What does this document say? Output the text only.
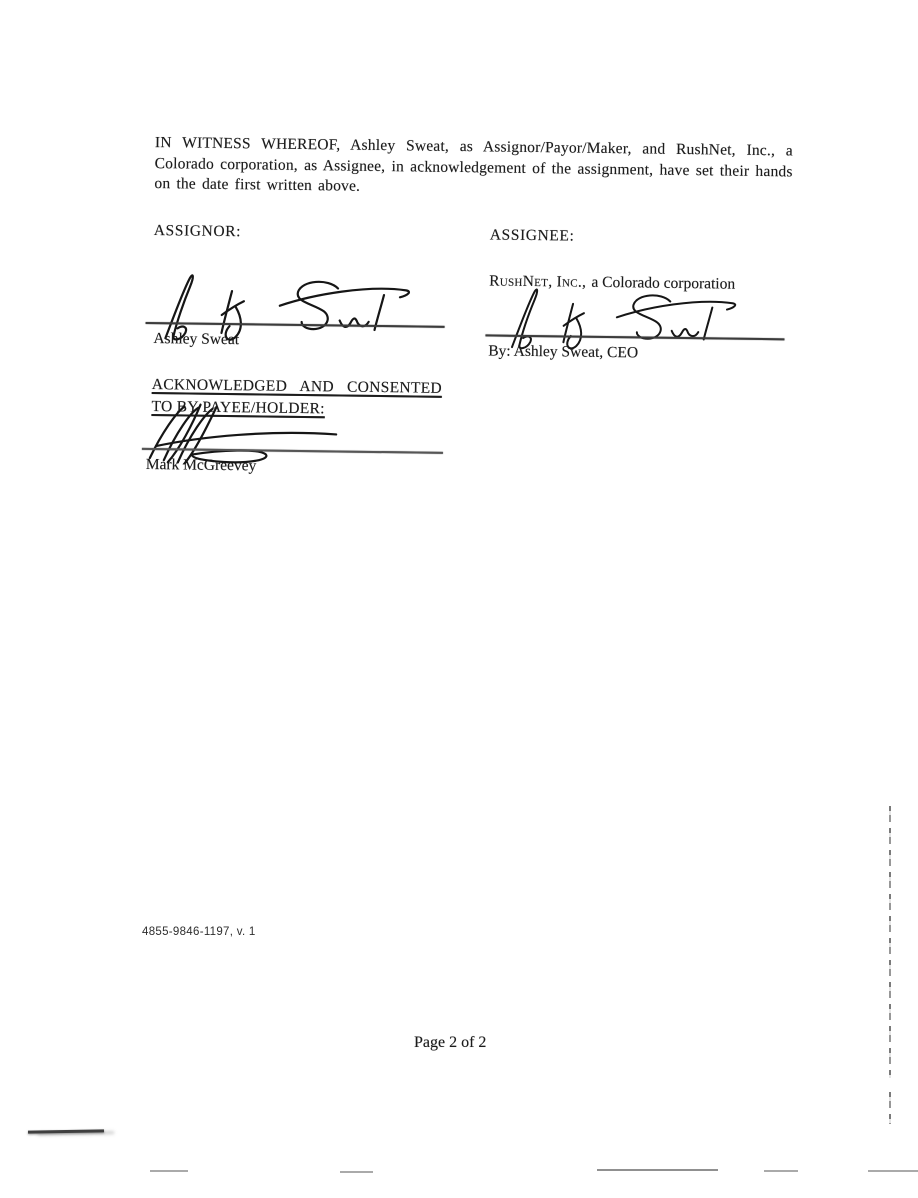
IN WITNESS WHEREOF, Ashley Sweat, as Assignor/Payor/Maker, and RushNet, Inc., a Colorado corporation, as Assignee, in acknowledgement of the assignment, have set their hands on the date first written above.
ASSIGNOR:
Ashley Sweat
ASSIGNEE:
RushNet, Inc., a Colorado corporation
By: Ashley Sweat, CEO
ACKNOWLEDGED AND CONSENTED
TO BY PAYEE/HOLDER:
Mark McGreevey
4855-9846-1197, v. 1
Page 2 of 2
